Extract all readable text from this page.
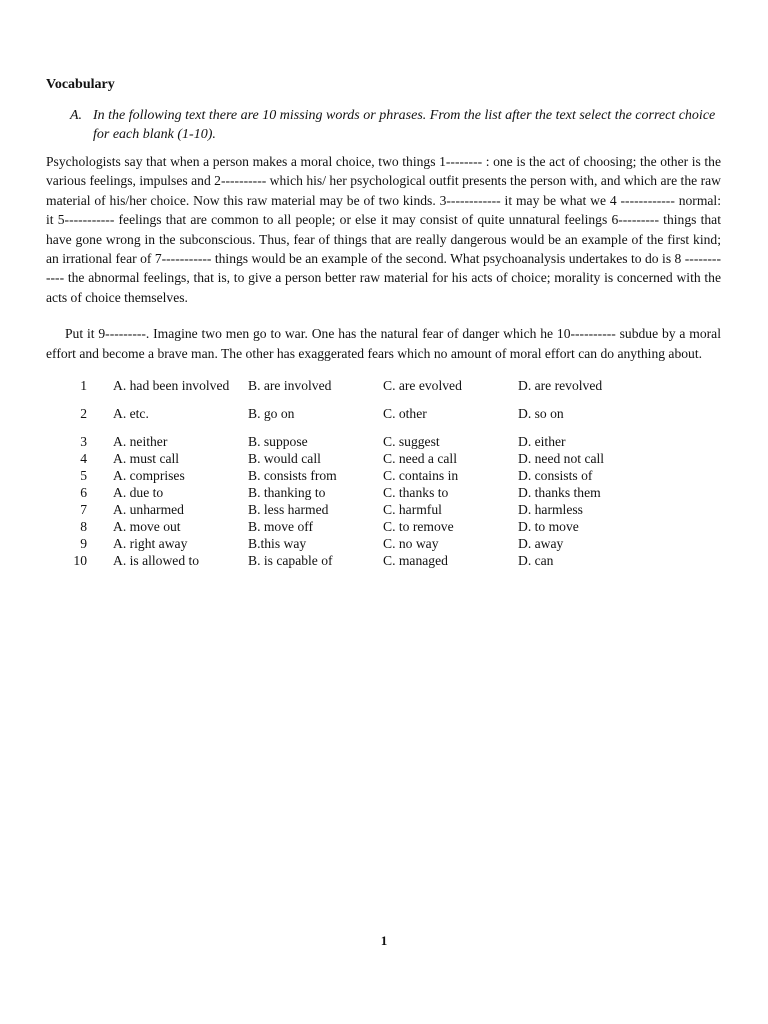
Vocabulary
A. In the following text there are 10 missing words or phrases. From the list after the text select the correct choice for each blank (1-10).

Psychologists say that when a person makes a moral choice, two things 1-------- : one is the act of choosing; the other is the various feelings, impulses and 2---------- which his/ her psychological outfit presents the person with, and which are the raw material of his/her choice. Now this raw material may be of two kinds. 3------------ it may be what we 4 ------------ normal: it 5----------- feelings that are common to all people; or else it may consist of quite unnatural feelings 6--------- things that have gone wrong in the subconscious. Thus, fear of things that are really dangerous would be an example of the first kind; an irrational fear of 7----------- things would be an example of the second. What psychoanalysis undertakes to do is 8 ------------ the abnormal feelings, that is, to give a person better raw material for his acts of choice; morality is concerned with the acts of choice themselves.

Put it 9---------. Imagine two men go to war. One has the natural fear of danger which he 10---------- subdue by a moral effort and become a brave man. The other has exaggerated fears which no amount of moral effort can do anything about.

1	A. had been involved	B. are involved	C. are evolved	D. are revolved
2	A. etc.	B. go on	C. other	D. so on
3	A. neither	B. suppose	C. suggest	D. either
4	A. must call	B. would call	C. need a call	D. need not call
5	A. comprises	B. consists from	C. contains in	D. consists of
6	A. due to	B. thanking to	C. thanks to	D. thanks them
7	A. unharmed	B. less harmed	C. harmful	D. harmless
8	A. move out	B. move off	C. to remove	D. to move
9	A. right away	B.this way	C. no way	D. away
10	A. is allowed to	B. is capable of	C. managed	D. can
1
